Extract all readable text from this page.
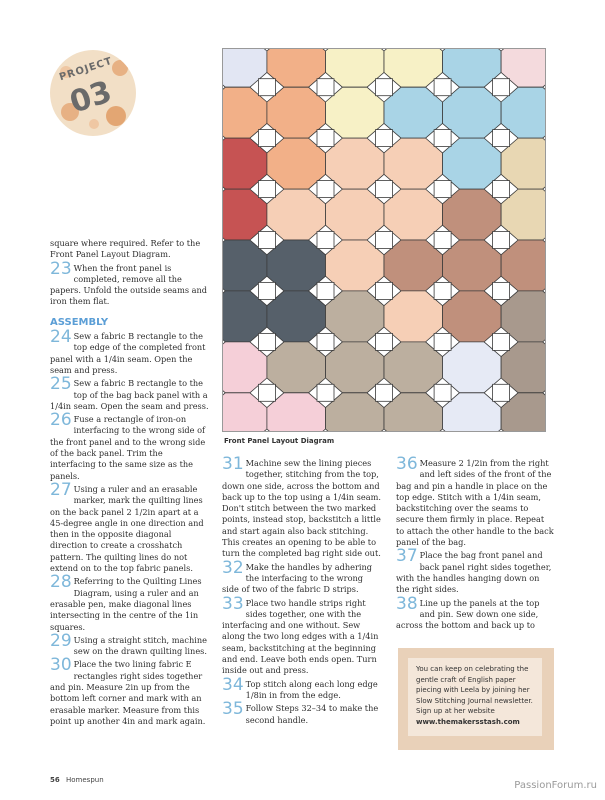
PROJECT
03
Front Panel Layout Diagram

square where required. Refer to the Front Panel Layout Diagram.

23 When the front panel is completed, remove all the papers. Unfold the outside seams and iron them flat.

ASSEMBLY

24 Sew a fabric B rectangle to the top edge of the completed front panel with a 1/4in seam. Open the seam and press.

25 Sew a fabric B rectangle to the top of the bag back panel with a 1/4in seam. Open the seam and press.

26 Fuse a rectangle of iron-on interfacing to the wrong side of the front panel and to the wrong side of the back panel. Trim the interfacing to the same size as the panels.

27 Using a ruler and an erasable marker, mark the quilting lines on the back panel 2 1/2in apart at a 45-degree angle in one direction and then in the opposite diagonal direction to create a crosshatch pattern. The quilting lines do not extend on to the top fabric panels.

28 Referring to the Quilting Lines Diagram, using a ruler and an erasable pen, make diagonal lines intersecting in the centre of the 1in squares.

29 Using a straight stitch, machine sew on the drawn quilting lines.

30 Place the two lining fabric E rectangles right sides together and pin. Measure 2in up from the bottom left corner and mark with an erasable marker. Measure from this point up another 4in and mark again.

31 Machine sew the lining pieces together, stitching from the top, down one side, across the bottom and back up to the top using a 1/4in seam. Don't stitch between the two marked points, instead stop, backstitch a little and start again also back stitching. This creates an opening to be able to turn the completed bag right side out.

32 Make the handles by adhering the interfacing to the wrong side of two of the fabric D strips.

33 Place two handle strips right sides together, one with the interfacing and one without. Sew along the two long edges with a 1/4in seam, backstitching at the beginning and end. Leave both ends open. Turn inside out and press.

34 Top stitch along each long edge 1/8in in from the edge.

35 Follow Steps 32–34 to make the second handle.

36 Measure 2 1/2in from the right and left sides of the front of the bag and pin a handle in place on the top edge. Stitch with a 1/4in seam, backstitching over the seams to secure them firmly in place. Repeat to attach the other handle to the back panel of the bag.

37 Place the bag front panel and back panel right sides together, with the handles hanging down on the right sides.

38 Line up the panels at the top and pin. Sew down one side, across the bottom and back up to

You can keep on celebrating the gentle craft of English paper piecing with Leela by joining her Slow Stitching Journal newsletter. Sign up at her website
www.themakersstash.com
56 Homespun	PassionForum.ru
